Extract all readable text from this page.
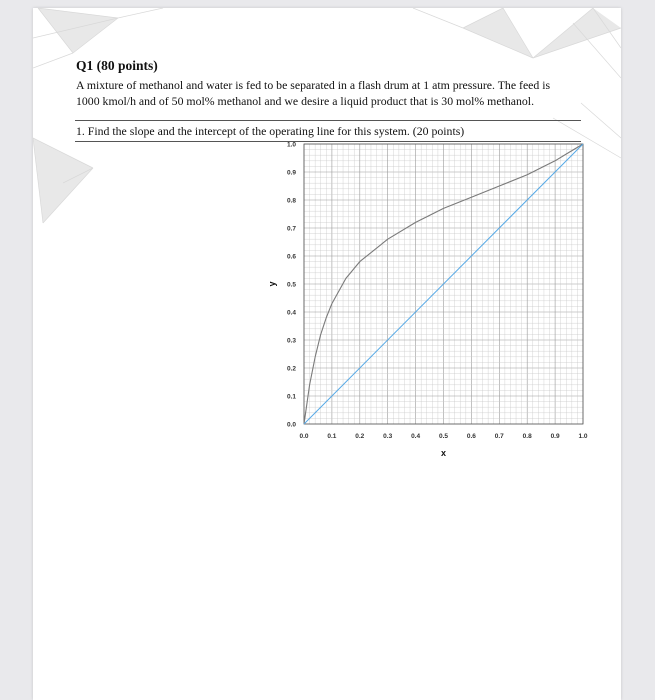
Q1 (80 points)
A mixture of methanol and water is fed to be separated in a flash drum at 1 atm pressure. The feed is 1000 kmol/h and of 50 mol% methanol and we desire a liquid product that is 30 mol% methanol.
1. Find the slope and the intercept of the operating line for this system. (20 points)
0.0	0.1	0.2	0.3	0.4	0.5	0.6	0.7	0.8	0.9	1.0
0.0
0.1
0.2
0.3
0.4
0.5
0.6
0.7
0.8
0.9
1.0
x
y
